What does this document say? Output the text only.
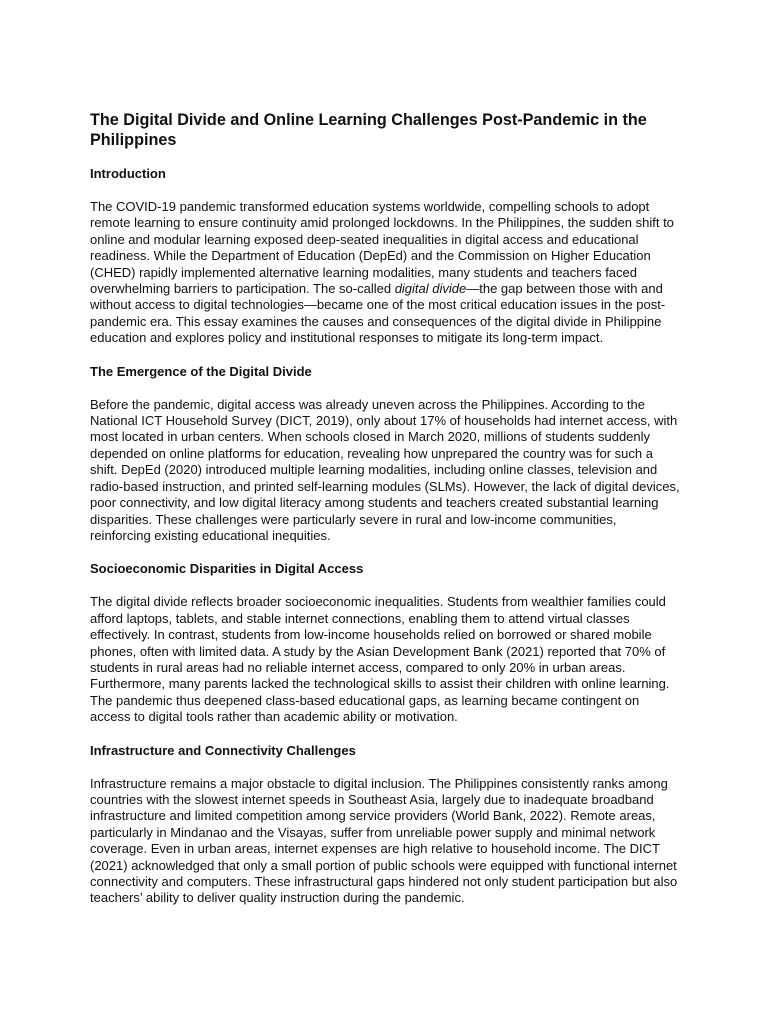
The Digital Divide and Online Learning Challenges Post-Pandemic in the Philippines
Introduction

The COVID-19 pandemic transformed education systems worldwide, compelling schools to adopt remote learning to ensure continuity amid prolonged lockdowns. In the Philippines, the sudden shift to online and modular learning exposed deep-seated inequalities in digital access and educational readiness. While the Department of Education (DepEd) and the Commission on Higher Education (CHED) rapidly implemented alternative learning modalities, many students and teachers faced overwhelming barriers to participation. The so-called digital divide—the gap between those with and without access to digital technologies—became one of the most critical education issues in the post-pandemic era. This essay examines the causes and consequences of the digital divide in Philippine education and explores policy and institutional responses to mitigate its long-term impact.

The Emergence of the Digital Divide

Before the pandemic, digital access was already uneven across the Philippines. According to the National ICT Household Survey (DICT, 2019), only about 17% of households had internet access, with most located in urban centers. When schools closed in March 2020, millions of students suddenly depended on online platforms for education, revealing how unprepared the country was for such a shift. DepEd (2020) introduced multiple learning modalities, including online classes, television and radio-based instruction, and printed self-learning modules (SLMs). However, the lack of digital devices, poor connectivity, and low digital literacy among students and teachers created substantial learning disparities. These challenges were particularly severe in rural and low-income communities, reinforcing existing educational inequities.

Socioeconomic Disparities in Digital Access

The digital divide reflects broader socioeconomic inequalities. Students from wealthier families could afford laptops, tablets, and stable internet connections, enabling them to attend virtual classes effectively. In contrast, students from low-income households relied on borrowed or shared mobile phones, often with limited data. A study by the Asian Development Bank (2021) reported that 70% of students in rural areas had no reliable internet access, compared to only 20% in urban areas. Furthermore, many parents lacked the technological skills to assist their children with online learning. The pandemic thus deepened class-based educational gaps, as learning became contingent on access to digital tools rather than academic ability or motivation.

Infrastructure and Connectivity Challenges

Infrastructure remains a major obstacle to digital inclusion. The Philippines consistently ranks among countries with the slowest internet speeds in Southeast Asia, largely due to inadequate broadband infrastructure and limited competition among service providers (World Bank, 2022). Remote areas, particularly in Mindanao and the Visayas, suffer from unreliable power supply and minimal network coverage. Even in urban areas, internet expenses are high relative to household income. The DICT (2021) acknowledged that only a small portion of public schools were equipped with functional internet connectivity and computers. These infrastructural gaps hindered not only student participation but also teachers’ ability to deliver quality instruction during the pandemic.
